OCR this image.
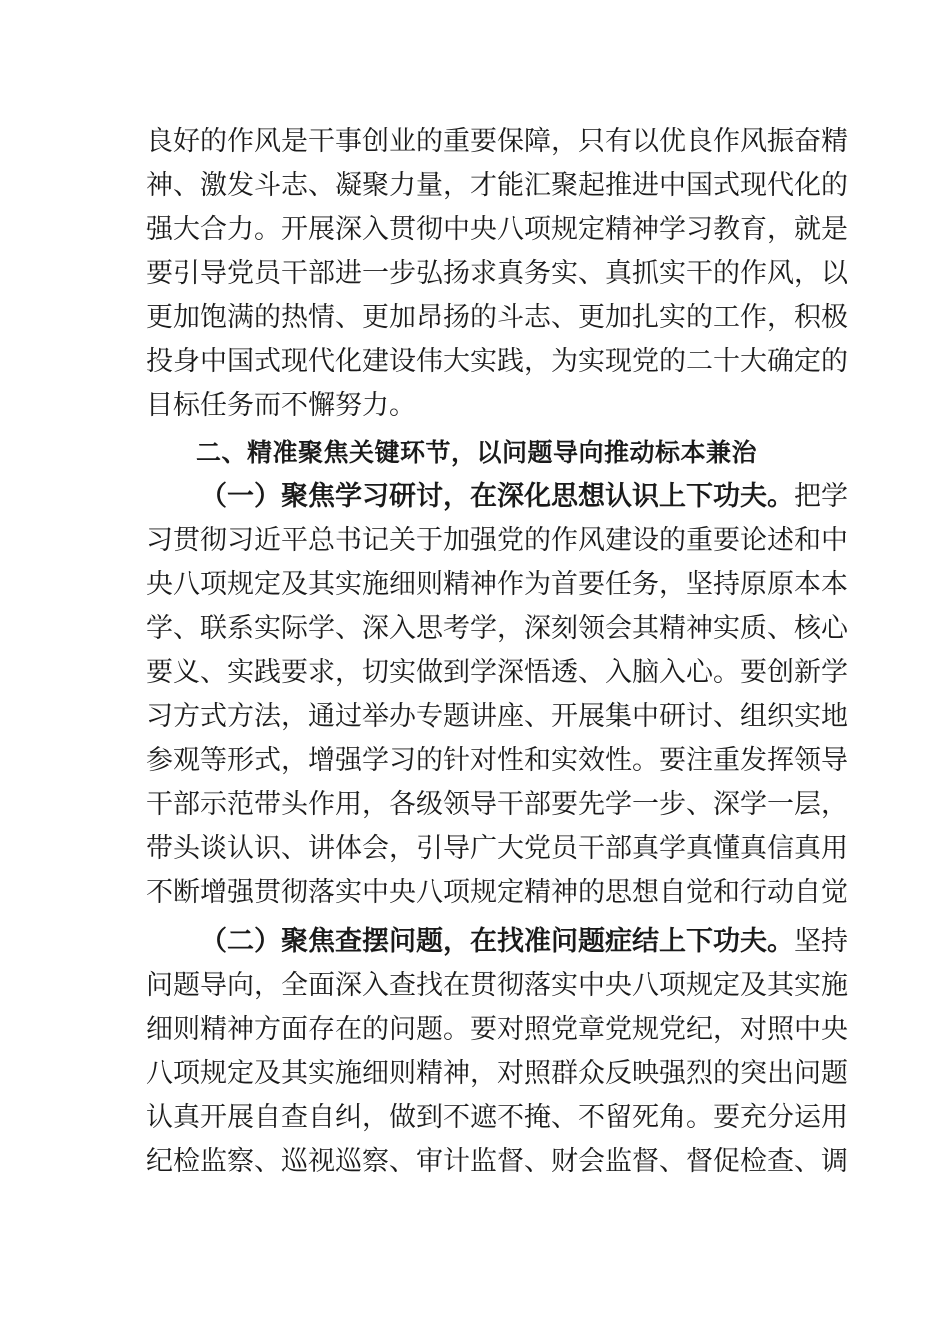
良好的作风是干事创业的重要保障，只有以优良作风振奋精
神、激发斗志、凝聚力量，才能汇聚起推进中国式现代化的
强大合力。开展深入贯彻中央八项规定精神学习教育，就是
要引导党员干部进一步弘扬求真务实、真抓实干的作风，以
更加饱满的热情、更加昂扬的斗志、更加扎实的工作，积极
投身中国式现代化建设伟大实践，为实现党的二十大确定的
目标任务而不懈努力。
二、精准聚焦关键环节，以问题导向推动标本兼治
（一）聚焦学习研讨，在深化思想认识上下功夫。把学
习贯彻习近平总书记关于加强党的作风建设的重要论述和中
央八项规定及其实施细则精神作为首要任务，坚持原原本本
学、联系实际学、深入思考学，深刻领会其精神实质、核心
要义、实践要求，切实做到学深悟透、入脑入心。要创新学
习方式方法，通过举办专题讲座、开展集中研讨、组织实地
参观等形式，增强学习的针对性和实效性。要注重发挥领导
干部示范带头作用，各级领导干部要先学一步、深学一层，
带头谈认识、讲体会，引导广大党员干部真学真懂真信真用
不断增强贯彻落实中央八项规定精神的思想自觉和行动自觉
（二）聚焦查摆问题，在找准问题症结上下功夫。坚持
问题导向，全面深入查找在贯彻落实中央八项规定及其实施
细则精神方面存在的问题。要对照党章党规党纪，对照中央
八项规定及其实施细则精神，对照群众反映强烈的突出问题
认真开展自查自纠，做到不遮不掩、不留死角。要充分运用
纪检监察、巡视巡察、审计监督、财会监督、督促检查、调
